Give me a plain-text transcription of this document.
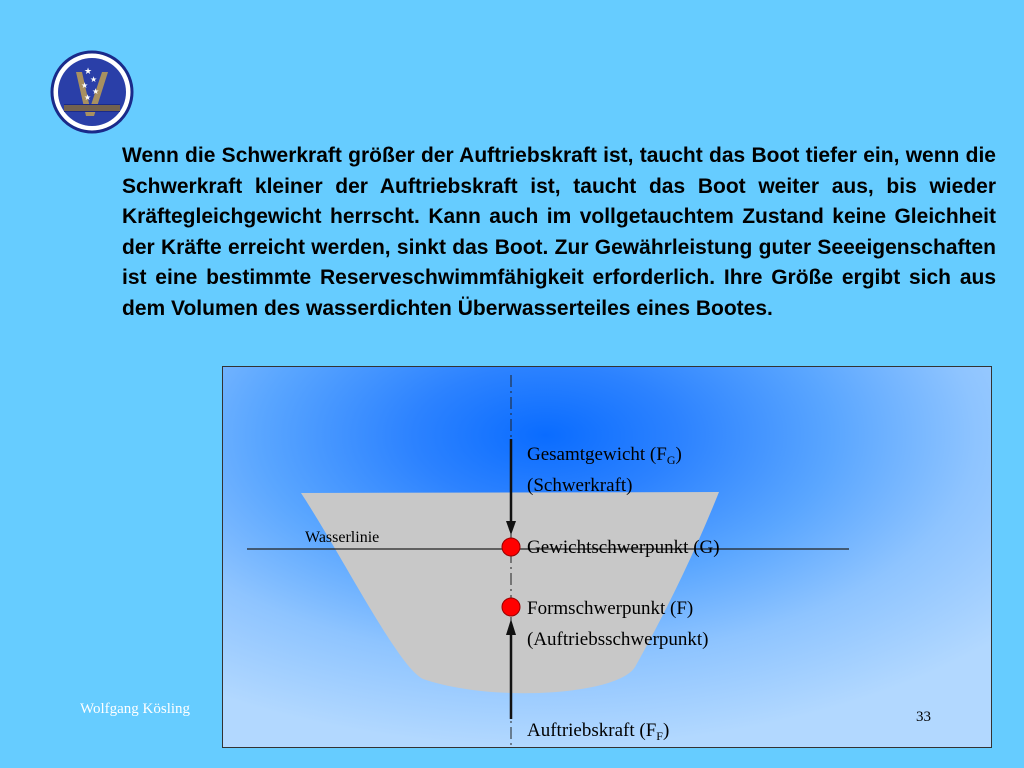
★
★
★
★
★

Wenn die Schwerkraft größer der Auftriebskraft ist, taucht das Boot tiefer ein, wenn die Schwerkraft kleiner der Auftriebskraft ist, taucht das Boot weiter aus, bis wieder Kräftegleichgewicht herrscht. Kann auch im vollgetauchtem Zustand keine Gleichheit der Kräfte erreicht werden, sinkt das Boot. Zur Gewährleistung guter Seeeigenschaften ist eine bestimmte Reserveschwimmfähigkeit erforderlich. Ihre Größe ergibt sich aus dem Volumen des wasserdichten Überwasserteiles eines Bootes.

Wasserlinie
Gesamtgewicht $(F_G)$
(Schwerkraft)
Gewichtschwerpunkt (G)
Formschwerpunkt (F)
(Auftriebsschwerpunkt)
Auftriebskraft $(F_F)$
Wolfgang Kösling	33
